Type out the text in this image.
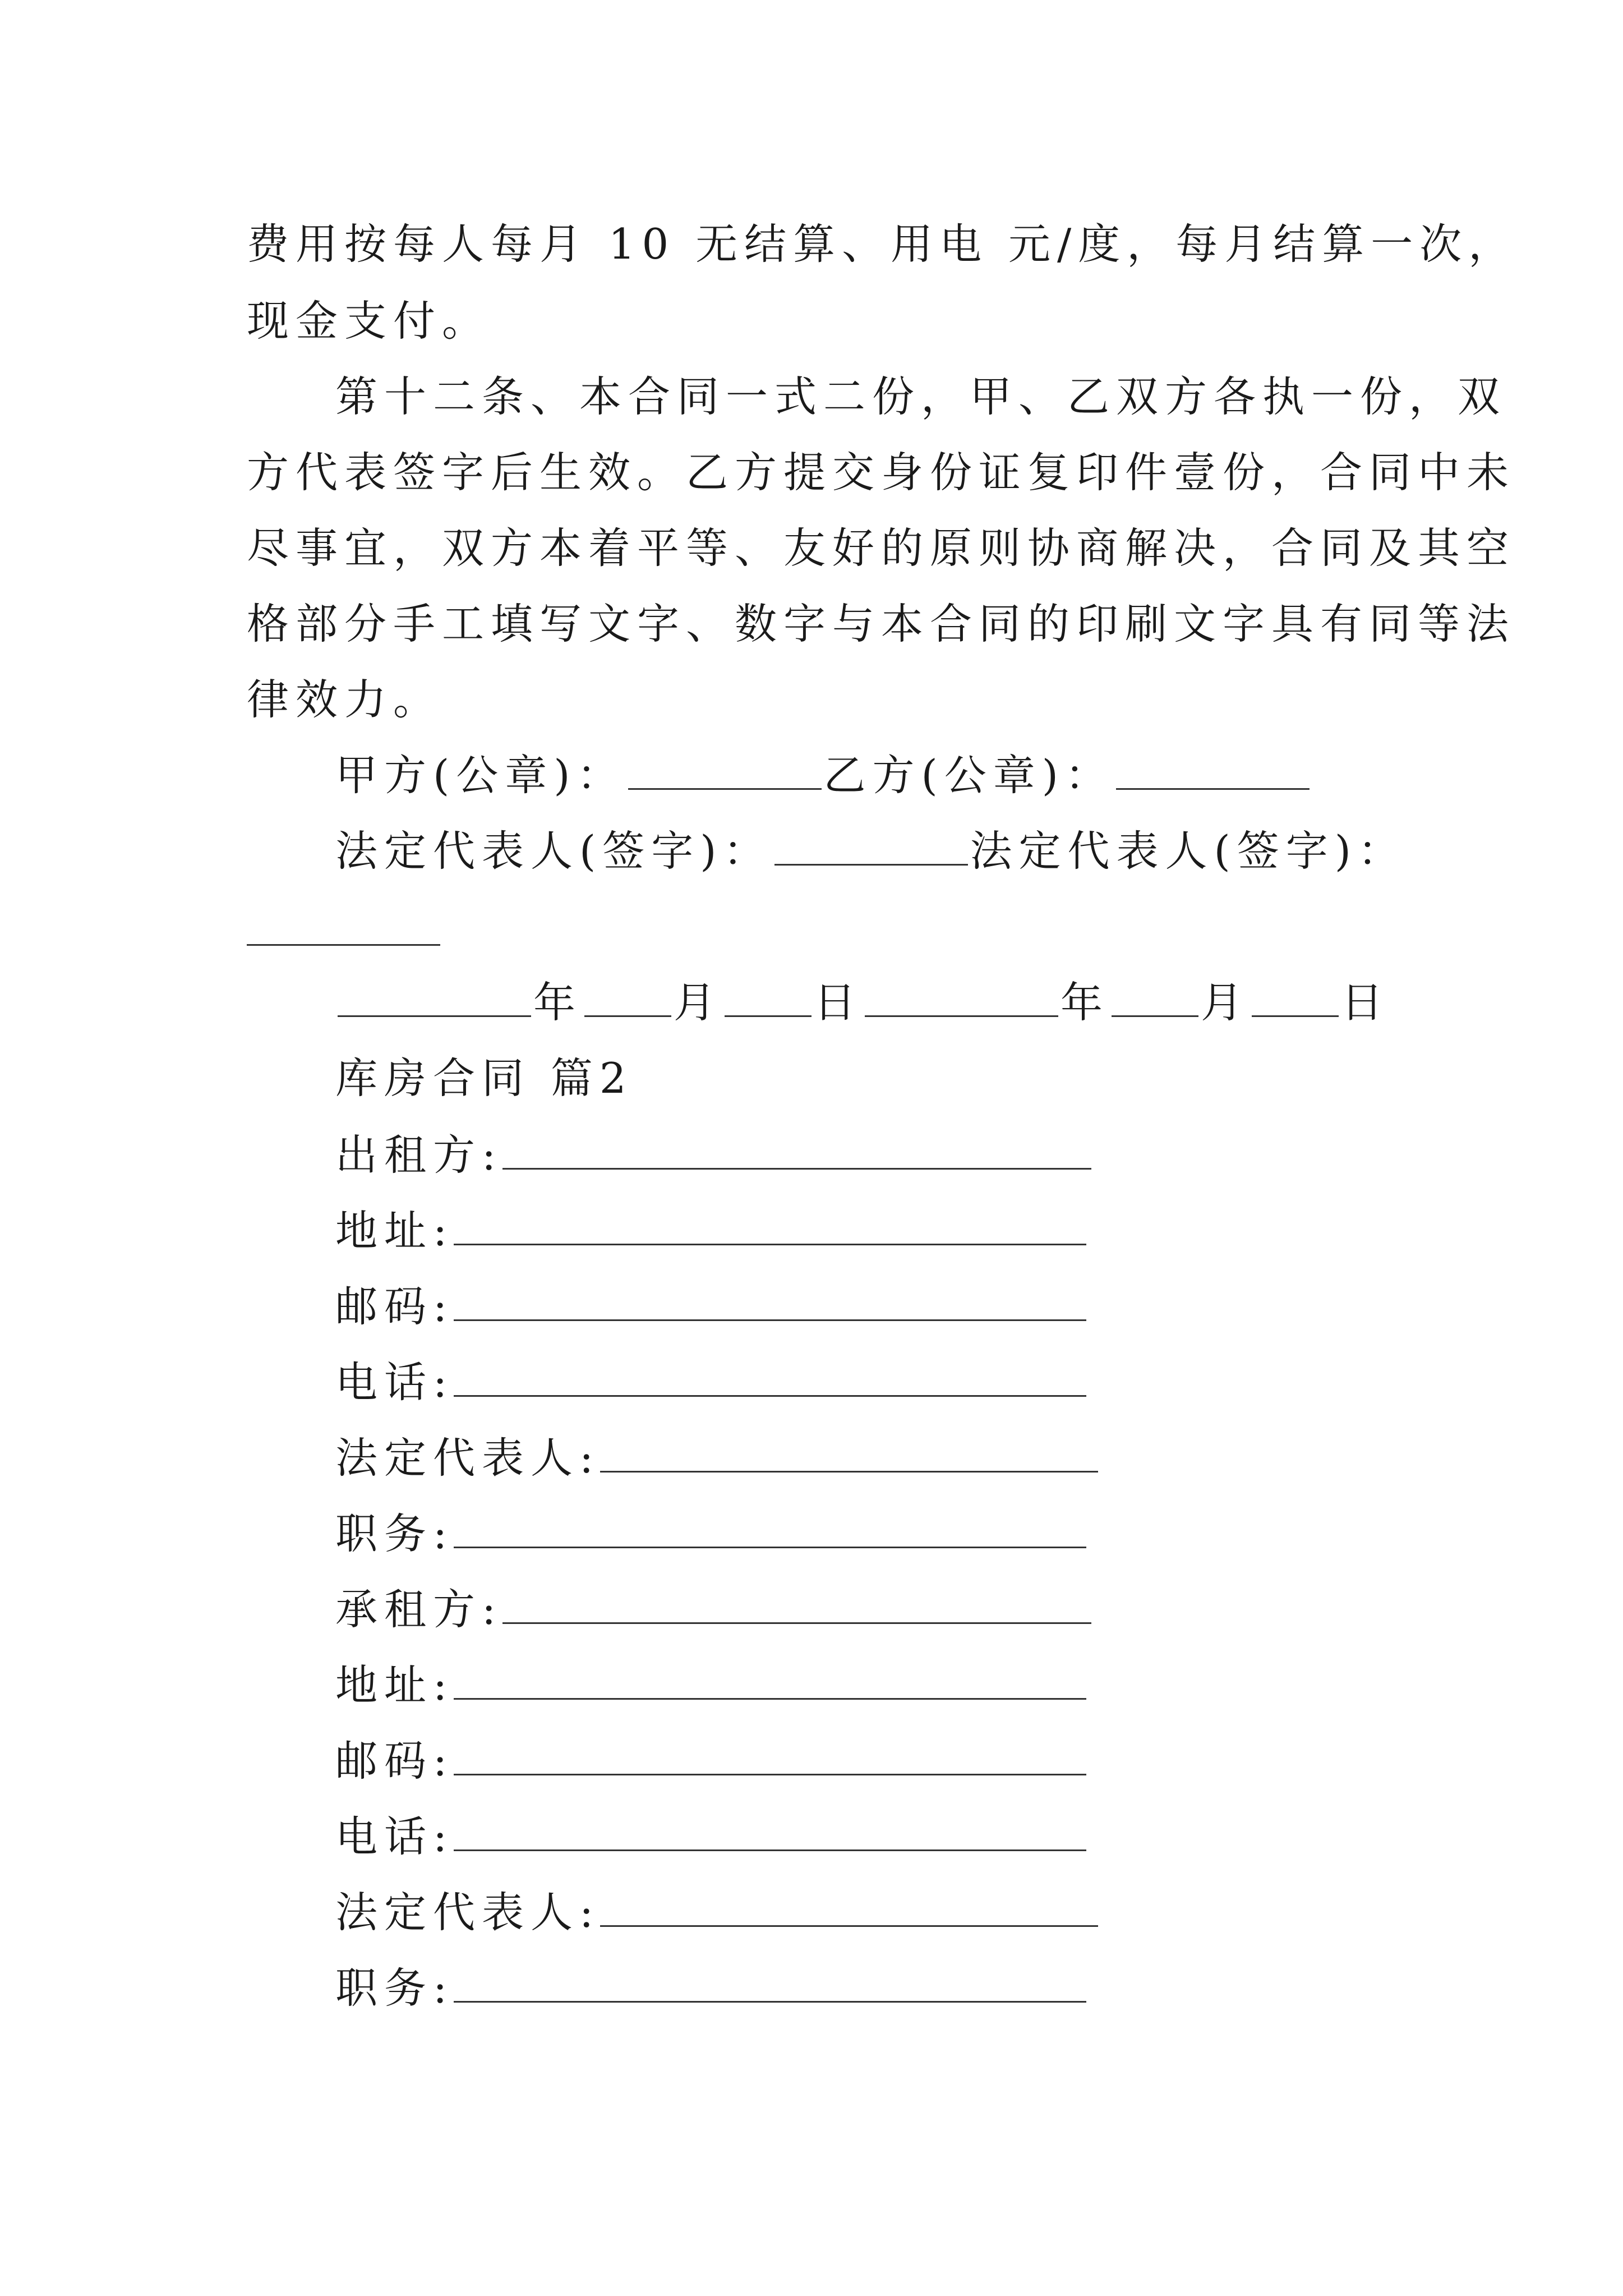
费用按每人每月 10 无结算、用电 元/度，每月结算一次，
现金支付。
第十二条、本合同一式二份，甲、乙双方各执一份，双
方代表签字后生效。乙方提交身份证复印件壹份，合同中未
尽事宜，双方本着平等、友好的原则协商解决，合同及其空
格部分手工填写文字、数字与本合同的印刷文字具有同等法
律效力。
甲方(公章)：	乙方(公章)：
法定代表人(签字)：	法定代表人(签字)：
年 月 日	年 月 日
库房合同 篇2
出租方:
地址:
邮码:
电话:
法定代表人:
职务:
承租方:
地址:
邮码:
电话:
法定代表人:
职务:
